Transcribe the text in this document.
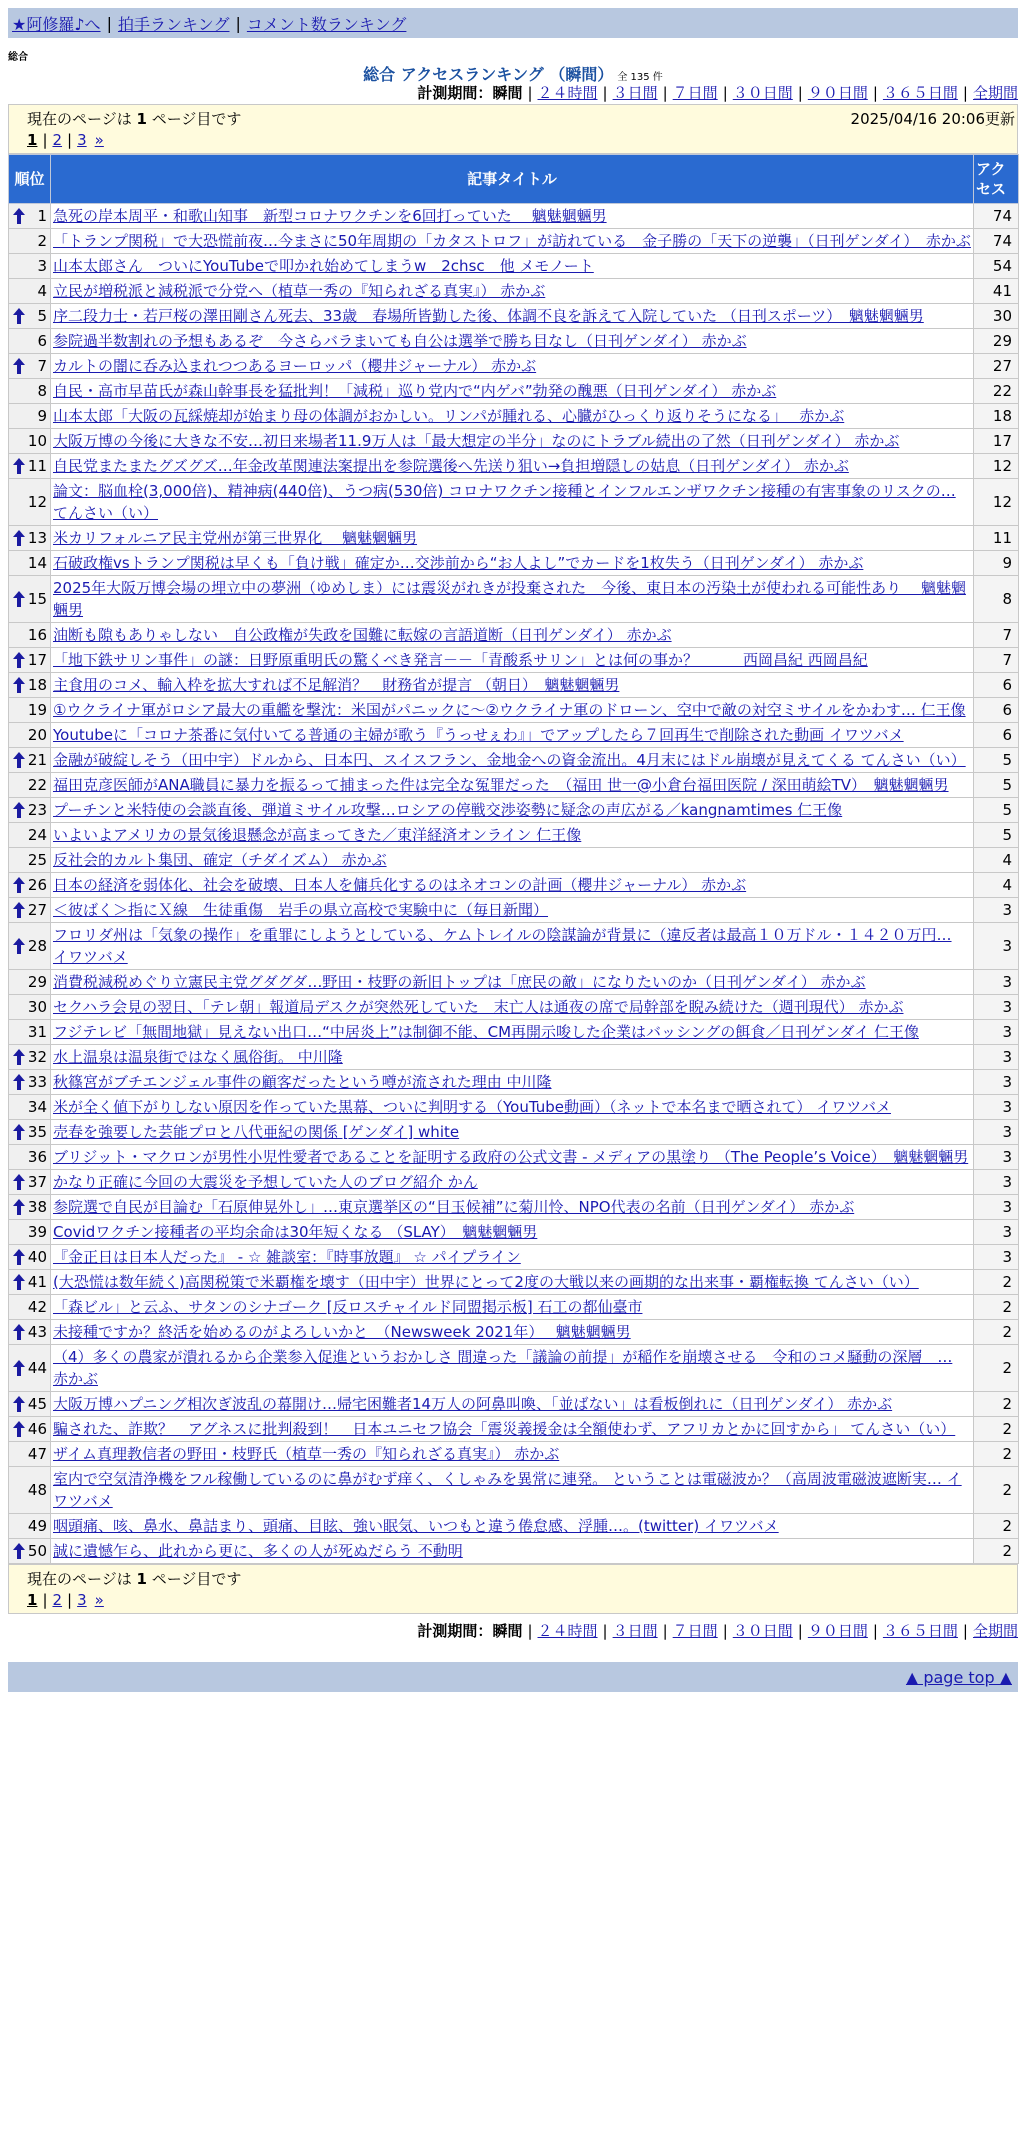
★阿修羅♪へ | 拍手ランキング | コメント数ランキング
総合
総合 アクセスランキング （瞬間） 全 135 件
計測期間：瞬間 | ２４時間 | ３日間 | ７日間 | ３０日間 | ９０日間 | ３６５日間 | 全期間
現在のページは 1 ページ目です	2025/04/16 20:06更新
1 | 2 | 3 »
順位	記事タイトル	アクセス

1	急死の岸本周平・和歌山知事　新型コロナワクチンを6回打っていた　 魑魅魍魎男	74
2	「トランプ関税」で大恐慌前夜…今まさに50年周期の「カタストロフ」が訪れている　金子勝の「天下の逆襲」（日刊ゲンダイ）　赤かぶ	74
3	山本太郎さん　ついにYouTubeで叩かれ始めてしまうw　2chsc　他 メモノート	54
4	立民が増税派と減税派で分党へ（植草一秀の『知られざる真実』） 赤かぶ	41

5	序二段力士・若戸桜の澤田剛さん死去、33歳　春場所皆勤した後、体調不良を訴えて入院していた （日刊スポーツ）　魑魅魍魎男	30
6	参院過半数割れの予想もあるぞ　今さらバラまいても自公は選挙で勝ち目なし（日刊ゲンダイ） 赤かぶ	29

7	カルトの闇に呑み込まれつつあるヨーロッパ（櫻井ジャーナル） 赤かぶ	27
8	自民・高市早苗氏が森山幹事長を猛批判！「減税」巡り党内で“内ゲバ”勃発の醜悪（日刊ゲンダイ） 赤かぶ	22
9	山本太郎「大阪の瓦綵焼却が始まり母の体調がおかしい。リンパが腫れる、心臓がひっくり返りそうになる」　 赤かぶ	18
10	大阪万博の今後に大きな不安…初日来場者11.9万人は「最大想定の半分」なのにトラブル続出の了然（日刊ゲンダイ） 赤かぶ	17

11	自民党またまたグズグズ…年金改革関連法案提出を参院選後へ先送り狙い→負担増隠しの姑息（日刊ゲンダイ） 赤かぶ	12
12	論文：脳血栓(3,000倍)、精神病(440倍)、うつ病(530倍) コロナワクチン接種とインフルエンザワクチン接種の有害事象のリスクの… てんさい（い）	12

13	米カリフォルニア民主党州が第三世界化　 魑魅魍魎男	11
14	石破政権vsトランプ関税は早くも「負け戦」確定か…交渉前から“お人よし”でカードを1枚失う（日刊ゲンダイ） 赤かぶ	9

15	2025年大阪万博会場の埋立中の夢洲（ゆめしま）には震災がれきが投棄された　今後、東日本の汚染土が使われる可能性あり　 魑魅魍魎男	8
16	油断も隙もありゃしない　自公政権が失政を国難に転嫁の言語道断（日刊ゲンダイ） 赤かぶ	7

17	「地下鉄サリン事件」の謎：日野原重明氏の驚くべき発言－－「青酸系サリン」とは何の事か？　　　西岡昌紀 西岡昌紀	7

18	主食用のコメ、輸入枠を拡大すれば不足解消？　財務省が提言 （朝日）　魑魅魍魎男	6
19	①ウクライナ軍がロシア最大の重艦を撃沈：米国がパニックに～②ウクライナ軍のドローン、空中で敵の対空ミサイルをかわす… 仁王像	6
20	Youtubeに「コロナ茶番に気付いてる普通の主婦が歌う『うっせぇわ』」でアップしたら７回再生で削除された動画 イワツバメ	6

21	金融が破綻しそう（田中宇）ドルから、日本円、スイスフラン、金地金への資金流出。4月末にはドル崩壊が見えてくる てんさい（い）	5
22	福田克彦医師がANA職員に暴力を振るって捕まった件は完全な冤罪だった　（福田 世一@小倉台福田医院 / 深田萌絵TV）　魑魅魍魎男	5

23	プーチンと米特使の会談直後、弾道ミサイル攻撃…ロシアの停戦交渉姿勢に疑念の声広がる／kangnamtimes 仁王像	5
24	いよいよアメリカの景気後退懸念が高まってきた／東洋経済オンライン 仁王像	5
25	反社会的カルト集団、確定（チダイズム） 赤かぶ	4

26	日本の経済を弱体化、社会を破壊、日本人を傭兵化するのはネオコンの計画（櫻井ジャーナル） 赤かぶ	4

27	＜彼ばく＞指にＸ線　生徒重傷　岩手の県立高校で実験中に（毎日新聞）	3

28	フロリダ州は「気象の操作」を重罪にしようとしている、ケムトレイルの陰謀論が背景に（違反者は最高１０万ドル・１４２０万円… イワツバメ	3
29	消費税減税めぐり立憲民主党グダグダ…野田・枝野の新旧トップは「庶民の敵」になりたいのか（日刊ゲンダイ） 赤かぶ	3
30	セクハラ会見の翌日、「テレ朝」報道局デスクが突然死していた　末亡人は通夜の席で局幹部を睨み続けた（週刊現代） 赤かぶ	3
31	フジテレビ「無間地獄」見えない出口…“中居炎上”は制御不能、CM再開示唆した企業はバッシングの餌食／日刊ゲンダイ 仁王像	3

32	水上温泉は温泉街ではなく風俗街。 中川隆	3

33	秋篠宮がブチエンジェル事件の顧客だったという噂が流された理由 中川隆	3
34	米が全く値下がりしない原因を作っていた黒幕、ついに判明する（YouTube動画）（ネットで本名まで晒されて） イワツバメ	3

35	売春を強要した芸能プロと八代亜紀の関係 [ゲンダイ] white	3
36	ブリジット・マクロンが男性小児性愛者であることを証明する政府の公式文書 - メディアの黒塗り （The People’s Voice）　魑魅魍魎男	3

37	かなり正確に今回の大震災を予想していた人のブログ紹介 かん	3

38	参院選で自民が目論む「石原伸晃外し」…東京選挙区の“目玉候補”に菊川怜、NPO代表の名前（日刊ゲンダイ） 赤かぶ	3
39	Covidワクチン接種者の平均余命は30年短くなる （SLAY）　魑魅魍魎男	3

40	『金正日は日本人だった』 - ☆ 雑談室：『時事放題』 ☆ パイプライン	3

41	(大恐慌は数年続く)高関税策で米覇権を壊す（田中宇）世界にとって2度の大戦以来の画期的な出来事・覇権転換 てんさい（い）	2
42	「森ビル」と云ふ、サタンのシナゴーク [反ロスチャイルド同盟掲示板] 石工の都仙臺市	2

43	未接種ですか？終活を始めるのがよろしいかと　（Newsweek 2021年）　 魑魅魍魎男	2

44	（4）多くの農家が潰れるから企業参入促進というおかしさ 間違った「議論の前提」が稲作を崩壊させる　令和のコメ騒動の深層　… 赤かぶ	2

45	大阪万博ハプニング相次ぎ波乱の幕開け…帰宅困難者14万人の阿鼻叫喚、「並ばない」は看板倒れに（日刊ゲンダイ） 赤かぶ	2

46	騙された、詐欺？　アグネスに批判殺到！　日本ユニセフ協会「震災義援金は全額使わず、アフリカとかに回すから」 てんさい（い）	2
47	ザイム真理教信者の野田・枝野氏（植草一秀の『知られざる真実』） 赤かぶ	2
48	室内で空気清浄機をフル稼働しているのに鼻がむず痒く、くしゃみを異常に連発。 ということは電磁波か？（高周波電磁波遮断実… イワツバメ	2
49	咽頭痛、咳、鼻水、鼻詰まり、頭痛、目眩、強い眠気、いつもと違う倦怠感、浮腫…。(twitter) イワツバメ	2

50	誠に遺憾乍ら、此れから更に、多くの人が死ぬだらう 不動明	2
現在のページは 1 ページ目です
1 | 2 | 3 »
計測期間：瞬間 | ２４時間 | ３日間 | ７日間 | ３０日間 | ９０日間 | ３６５日間 | 全期間
▲ page top ▲
